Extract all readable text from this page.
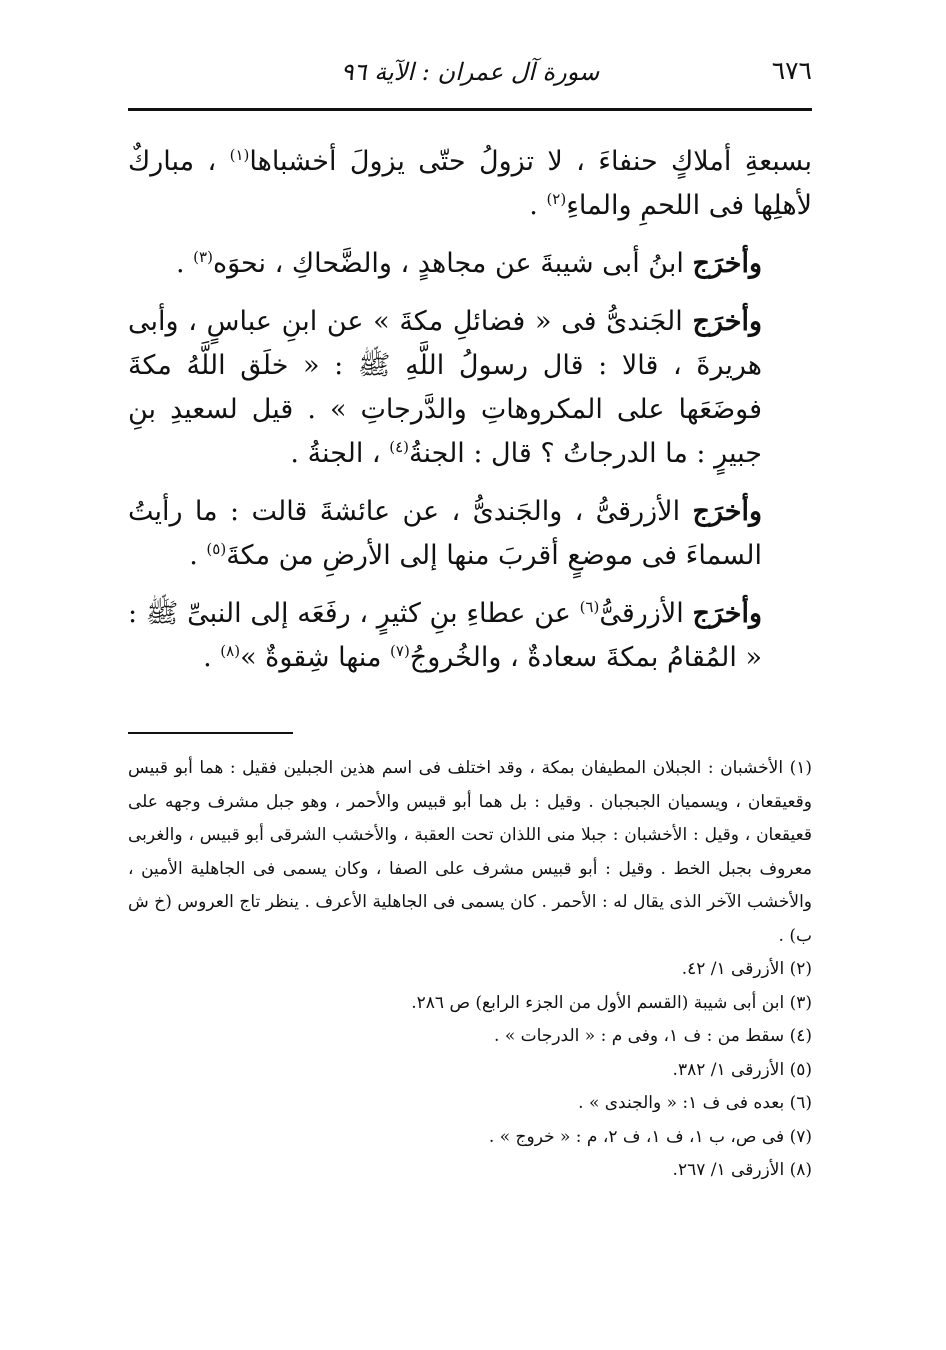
٦٧٦
سورة آل عمران : الآية ٩٦

بسبعةِ أملاكٍ حنفاءَ ، لا تزولُ حتّى يزولَ أخشباها$^{(١)}$ ، مباركٌ لأهلِها فى اللحمِ والماءِ$^{(٢)}$ .

وأخرَج ابنُ أبى شيبةَ عن مجاهدٍ ، والضَّحاكِ ، نحوَه$^{(٣)}$ .

وأخرَج الجَندىُّ فى « فضائلِ مكةَ » عن ابنِ عباسٍ ، وأبى هريرةَ ، قالا : قال رسولُ اللَّهِ ﷺ : « خلَق اللَّهُ مكةَ فوضَعَها على المكروهاتِ والدَّرجاتِ » . قيل لسعيدِ بنِ جبيرٍ : ما الدرجاتُ ؟ قال : الجنةُ$^{(٤)}$ ، الجنةُ .

وأخرَج الأزرقىُّ ، والجَندىُّ ، عن عائشةَ قالت : ما رأيتُ السماءَ فى موضعٍ أقربَ منها إلى الأرضِ من مكةَ$^{(٥)}$ .

وأخرَج الأزرقىُّ$^{(٦)}$ عن عطاءِ بنِ كثيرٍ ، رفَعَه إلى النبىِّ ﷺ : « المُقامُ بمكةَ سعادةٌ ، والخُروجُ$^{(٧)}$ منها شِقوةٌ »$^{(٨)}$ .

(١) الأخشبان : الجبلان المطيفان بمكة ، وقد اختلف فى اسم هذين الجبلين فقيل : هما أبو قبيس وقعيقعان ، ويسميان الجبجبان . وقيل : بل هما أبو قبيس والأحمر ، وهو جبل مشرف وجهه على قعيقعان ، وقيل : الأخشبان : جبلا منى اللذان تحت العقبة ، والأخشب الشرقى أبو قبيس ، والغربى معروف بجبل الخط . وقيل : أبو قبيس مشرف على الصفا ، وكان يسمى فى الجاهلية الأمين ، والأخشب الآخر الذى يقال له : الأحمر . كان يسمى فى الجاهلية الأعرف . ينظر تاج العروس (خ ش ب) .

(٢) الأزرقى ١/ ٤٢.

(٣) ابن أبى شيبة (القسم الأول من الجزء الرابع) ص ٢٨٦.

(٤) سقط من : ف ١، وفى م : « الدرجات » .

(٥) الأزرقى ١/ ٣٨٢.

(٦) بعده فى ف ١: « والجندى » .

(٧) فى ص، ب ١، ف ١، ف ٢، م : « خروج » .

(٨) الأزرقى ١/ ٢٦٧.
